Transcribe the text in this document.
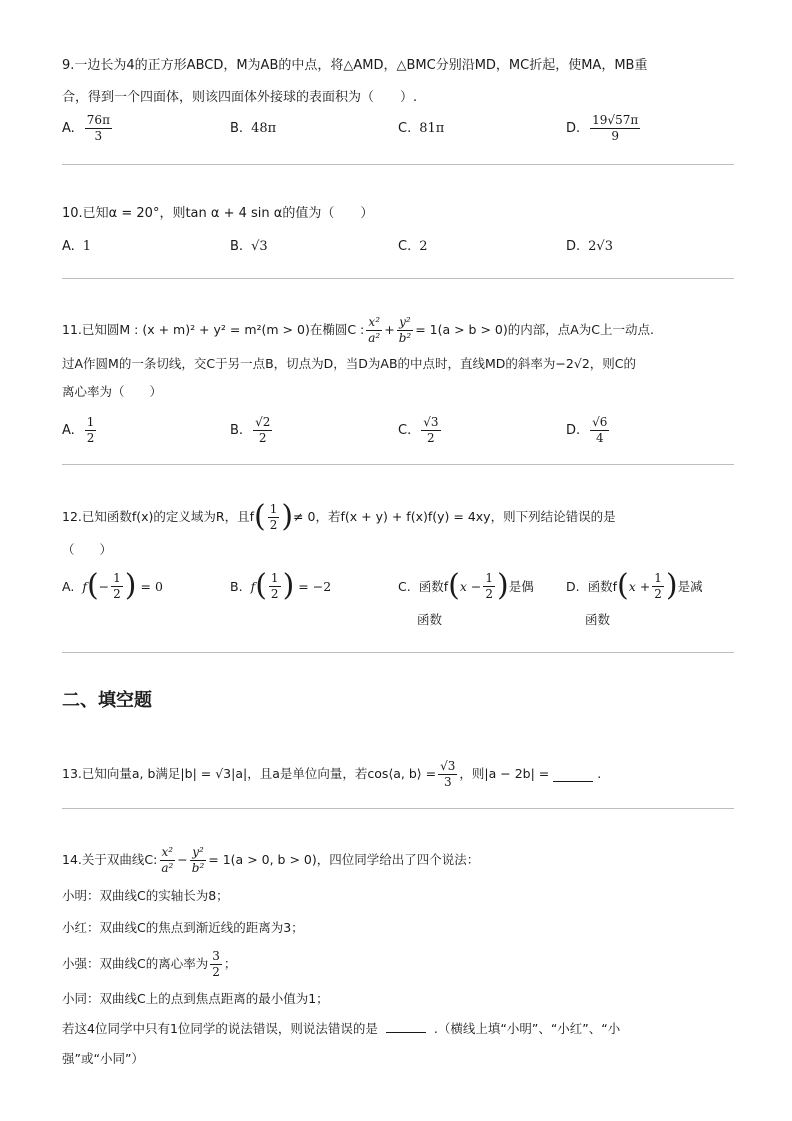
9.一边长为4的正方形ABCD，M为AB的中点，将△AMD，△BMC分别沿MD，MC折起，使MA，MB重
合，得到一个四面体，则该四面体外接球的表面积为（　　）.
A. $\frac{76\pi}{3}$	B. 48π	C. 81π	D. $\frac{19√57\pi}{9}$
10.已知α = 20°，则tan α + 4 sin α的值为（　　）
A. 1	B. √3	C. 2	D. 2√3
11.已知圆M : (x + m)² + y² = m²(m > 0)在椭圆C : $\frac{\text{x²}}{\text{a²}} + \frac{\text{y²}}{\text{b²}} = 1(a > b > 0)$的内部，点A为C上一动点.
过A作圆M的一条切线，交C于另一点B，切点为D，当D为AB的中点时，直线MD的斜率为−2√2，则C的
离心率为（　　）
A. $\frac{1}{2}$	B. $\frac{√2}{2}$	C. $\frac{√3}{2}$	D. $\frac{√6}{4}$
12.已知函数f(x)的定义域为R，且f ( $\frac{1}{2}$ ) ≠ 0，若f(x + y) + f(x)f(y) = 4xy，则下列结论错误的是
（　　）
A. f ( − $\frac{1}{2}$ ) = 0	B. f ( $\frac{1}{2}$ ) = −2	C. 函数f ( $x - \frac{1}{2}$ ) 是偶	D. 函数f ( $x + \frac{1}{2}$ ) 是减
函数	函数
二、填空题
13.已知向量a, b满足|b| = √3|a|，且a是单位向量，若cos⟨a, b⟩ = $\frac{√3}{3}$ ，则|a − 2b| =	.
14.关于双曲线C: $\frac{\text{x²}}{\text{a²}} - \frac{\text{y²}}{\text{b²}} = 1(a > 0$, b > 0)，四位同学给出了四个说法：
小明：双曲线C的实轴长为8；
小红：双曲线C的焦点到渐近线的距离为3；
小强：双曲线C的离心率为 $\frac{3}{2}$ ；
小同：双曲线C上的点到焦点距离的最小值为1；
若这4位同学中只有1位同学的说法错误，则说法错误的是	.（横线上填“小明”、“小红”、“小
强”或“小同”）
